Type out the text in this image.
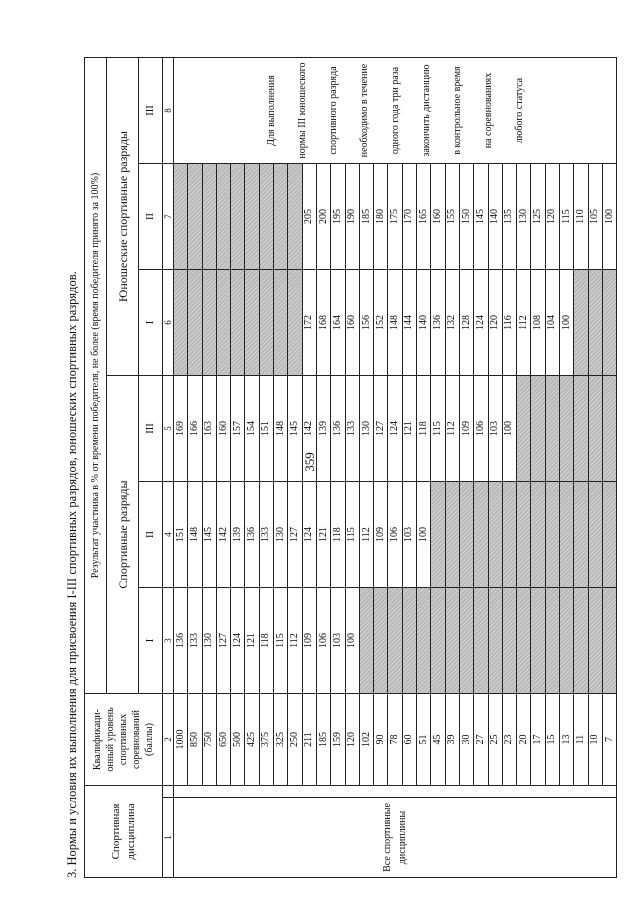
359
3. Нормы и условия их выполнения для присвоения I-III спортивных разрядов, юношеских спортивных разрядов.	Спортивная дисциплина		Квалификаци-онный уровень спортивных соревнований (баллы)	Результат участника в % от времени победителя, не более (время победителя принято за 100%)					
			Спортивные разряды			Юношеские спортивные разряды		
			I	II	III	I	II	III
1		2	3	4	5	6	7	8
Все спортивные дисциплины		1000	136	151	169			Для выполнения нормы III юношеского спортивного разряда необходимо в течение одного года три раза закончить дистанцию в контрольное время на соревнованиях любого статуса
		850	133	148	166			
		750	130	145	163			
		650	127	142	160			
		500	124	139	157			
		425	121	136	154			
		375	118	133	151			
		325	115	130	148			
		250	112	127	145			
		211	109	124	142	172	205	
		185	106	121	139	168	200	
		159	103	118	136	164	195	
		120	100	115	133	160	190	
		102		112	130	156	185	
		90		109	127	152	180	
		78		106	124	148	175	
		60		103	121	144	170	
		51		100	118	140	165	
		45			115	136	160	
		39			112	132	155	
		30			109	128	150	
		27			106	124	145	
		25			103	120	140	
		23			100	116	135	
		20				112	130	
		17				108	125	
		15				104	120	
		13				100	115	
		11					110	
		10					105	
		7					100	
